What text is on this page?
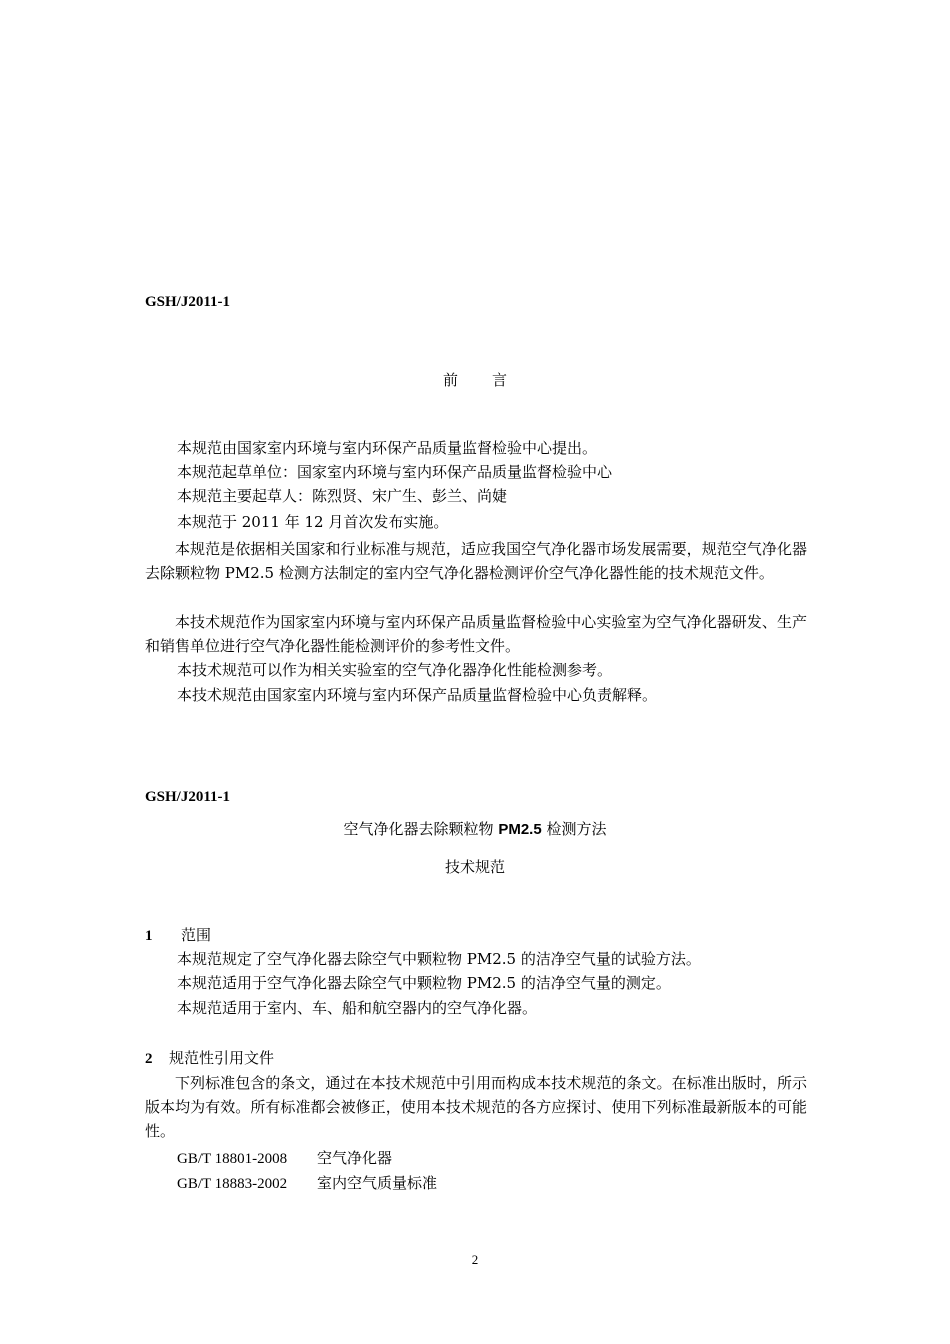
GSH/J2011-1
前言
本规范由国家室内环境与室内环保产品质量监督检验中心提出。
本规范起草单位：国家室内环境与室内环保产品质量监督检验中心
本规范主要起草人：陈烈贤、宋广生、彭兰、尚婕
本规范于 2011 年 12 月首次发布实施。
本规范是依据相关国家和行业标准与规范，适应我国空气净化器市场发展需要，规范空气净化器去除颗粒物 PM2.5 检测方法制定的室内空气净化器检测评价空气净化器性能的技术规范文件。
本技术规范作为国家室内环境与室内环保产品质量监督检验中心实验室为空气净化器研发、生产和销售单位进行空气净化器性能检测评价的参考性文件。
本技术规范可以作为相关实验室的空气净化器净化性能检测参考。
本技术规范由国家室内环境与室内环保产品质量监督检验中心负责解释。
GSH/J2011-1
空气净化器去除颗粒物 PM2.5 检测方法
技术规范
1 范围
本规范规定了空气净化器去除空气中颗粒物 PM2.5 的洁净空气量的试验方法。
本规范适用于空气净化器去除空气中颗粒物 PM2.5 的洁净空气量的测定。
本规范适用于室内、车、船和航空器内的空气净化器。
2 规范性引用文件
下列标准包含的条文，通过在本技术规范中引用而构成本技术规范的条文。在标准出版时，所示版本均为有效。所有标准都会被修正，使用本技术规范的各方应探讨、使用下列标准最新版本的可能性。
GB/T 18801-2008 空气净化器
GB/T 18883-2002 室内空气质量标准
2
